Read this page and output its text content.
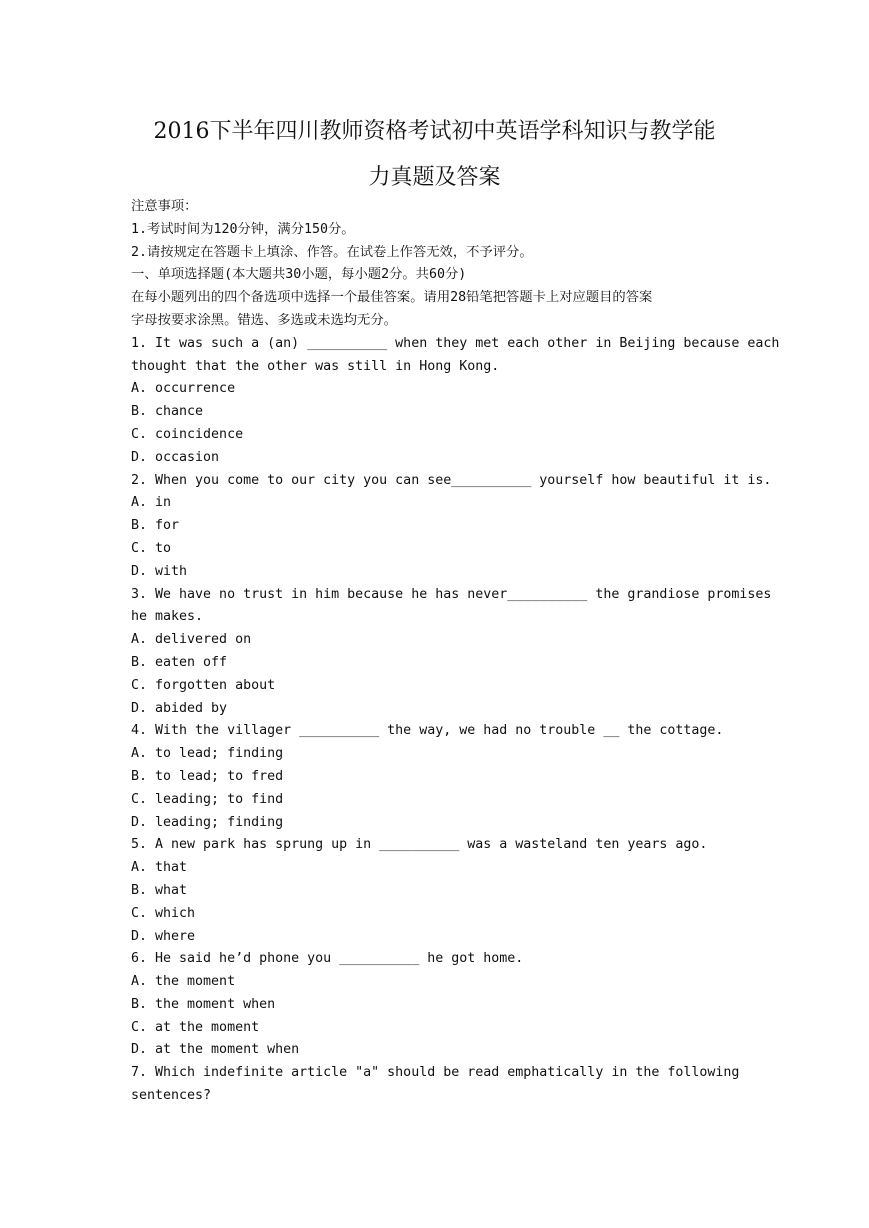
2016下半年四川教师资格考试初中英语学科知识与教学能
力真题及答案
注意事项：
1.考试时间为120分钟，满分150分。
2.请按规定在答题卡上填涂、作答。在试卷上作答无效，不予评分。
一、单项选择题(本大题共30小题，每小题2分。共60分)
在每小题列出的四个备选项中选择一个最佳答案。请用28铅笔把答题卡上对应题目的答案
字母按要求涂黑。错选、多选或未选均无分。
1. It was such a (an) __________ when they met each other in Beijing because each
thought that the other was still in Hong Kong.
A. occurrence
B. chance
C. coincidence
D. occasion
2. When you come to our city you can see__________ yourself how beautiful it is.
A. in
B. for
C. to
D. with
3. We have no trust in him because he has never__________ the grandiose promises
he makes.
A. delivered on
B. eaten off
C. forgotten about
D. abided by
4. With the villager __________ the way, we had no trouble __ the cottage.
A. to lead; finding
B. to lead; to fred
C. leading; to find
D. leading; finding
5. A new park has sprung up in __________ was a wasteland ten years ago.
A. that
B. what
C. which
D. where
6. He said he’d phone you __________ he got home.
A. the moment
B. the moment when
C. at the moment
D. at the moment when
7. Which indefinite article "a" should be read emphatically in the following
sentences?
